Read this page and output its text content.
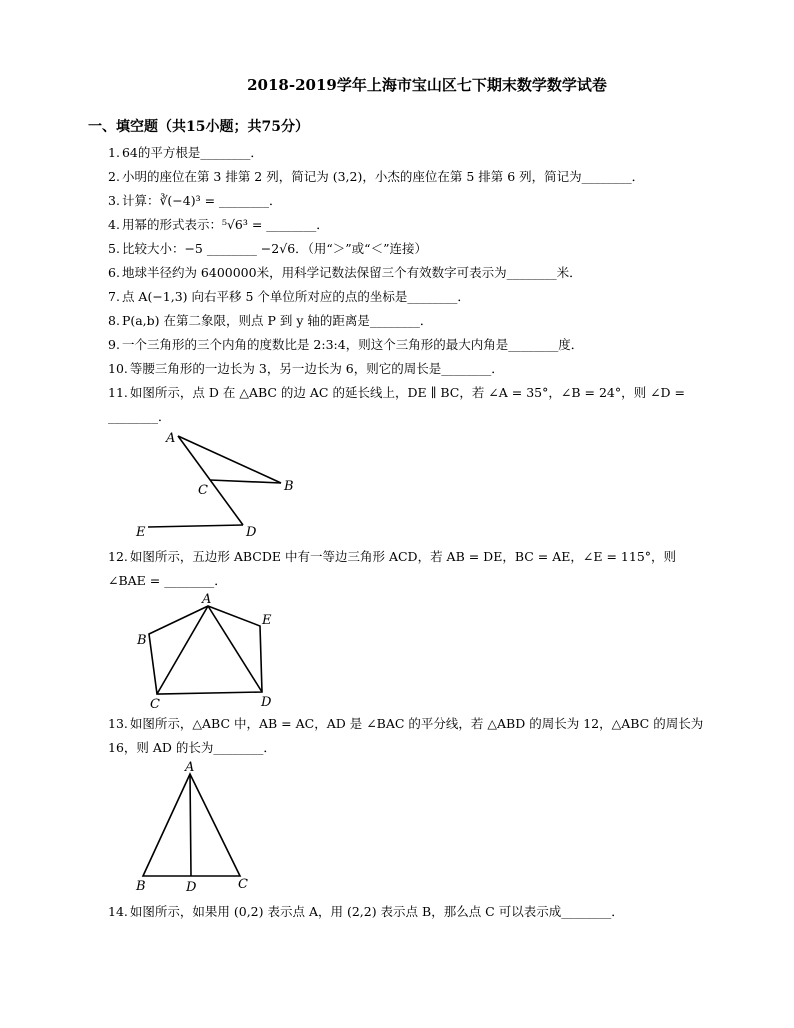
2018-2019学年上海市宝山区七下期末数学数学试卷
一、填空题（共15小题；共75分）
1. 64的平方根是________．
2. 小明的座位在第 3 排第 2 列，简记为 (3,2)，小杰的座位在第 5 排第 6 列，简记为________．
3. 计算：∛(−4)³ = ________．
4. 用幂的形式表示：⁵√6³ = ________．
5. 比较大小：−5 ________ −2√6．（用“＞”或“＜”连接）
6. 地球半径约为 6400000米，用科学记数法保留三个有效数字可表示为________米．
7. 点 A(−1,3) 向右平移 5 个单位所对应的点的坐标是________．
8. P(a,b) 在第二象限，则点 P 到 y 轴的距离是________．
9. 一个三角形的三个内角的度数比是 2:3:4，则这个三角形的最大内角是________度．
10. 等腰三角形的一边长为 3，另一边长为 6，则它的周长是________．
11. 如图所示，点 D 在 △ABC 的边 AC 的延长线上，DE ∥ BC，若 ∠A = 35°，∠B = 24°，则 ∠D = ________．
A
B
C
D
E
12. 如图所示，五边形 ABCDE 中有一等边三角形 ACD，若 AB = DE，BC = AE，∠E = 115°，则 ∠BAE = ________．
A
B
C	D
E
13. 如图所示，△ABC 中，AB = AC，AD 是 ∠BAC 的平分线，若 △ABD 的周长为 12，△ABC 的周长为 16，则 AD 的长为________．
A
B	D	C
14. 如图所示，如果用 (0,2) 表示点 A，用 (2,2) 表示点 B，那么点 C 可以表示成________．
